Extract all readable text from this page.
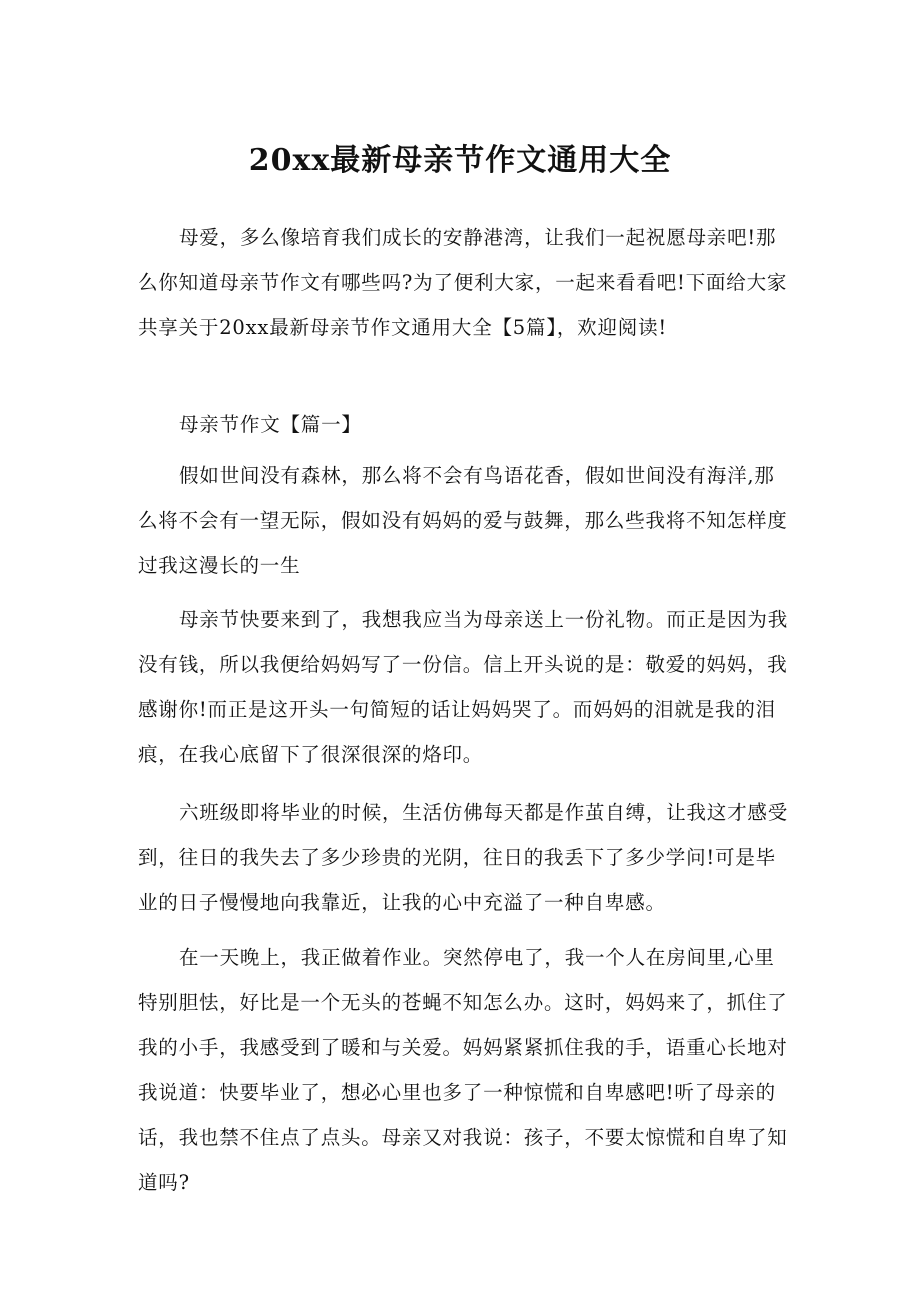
20xx最新母亲节作文通用大全

母爱，多么像培育我们成长的安静港湾，让我们一起祝愿母亲吧!那么你知道母亲节作文有哪些吗?为了便利大家，一起来看看吧!下面给大家共享关于20xx最新母亲节作文通用大全【5篇】，欢迎阅读!

母亲节作文【篇一】

假如世间没有森林，那么将不会有鸟语花香，假如世间没有海洋,那么将不会有一望无际，假如没有妈妈的爱与鼓舞，那么些我将不知怎样度过我这漫长的一生

母亲节快要来到了，我想我应当为母亲送上一份礼物。而正是因为我没有钱，所以我便给妈妈写了一份信。信上开头说的是：敬爱的妈妈，我感谢你!而正是这开头一句简短的话让妈妈哭了。而妈妈的泪就是我的泪痕，在我心底留下了很深很深的烙印。

六班级即将毕业的时候，生活仿佛每天都是作茧自缚，让我这才感受到，往日的我失去了多少珍贵的光阴，往日的我丢下了多少学问!可是毕业的日子慢慢地向我靠近，让我的心中充溢了一种自卑感。

在一天晚上，我正做着作业。突然停电了，我一个人在房间里,心里特别胆怯，好比是一个无头的苍蝇不知怎么办。这时，妈妈来了，抓住了我的小手，我感受到了暖和与关爱。妈妈紧紧抓住我的手，语重心长地对我说道：快要毕业了，想必心里也多了一种惊慌和自卑感吧!听了母亲的话，我也禁不住点了点头。母亲又对我说：孩子，不要太惊慌和自卑了知道吗?
